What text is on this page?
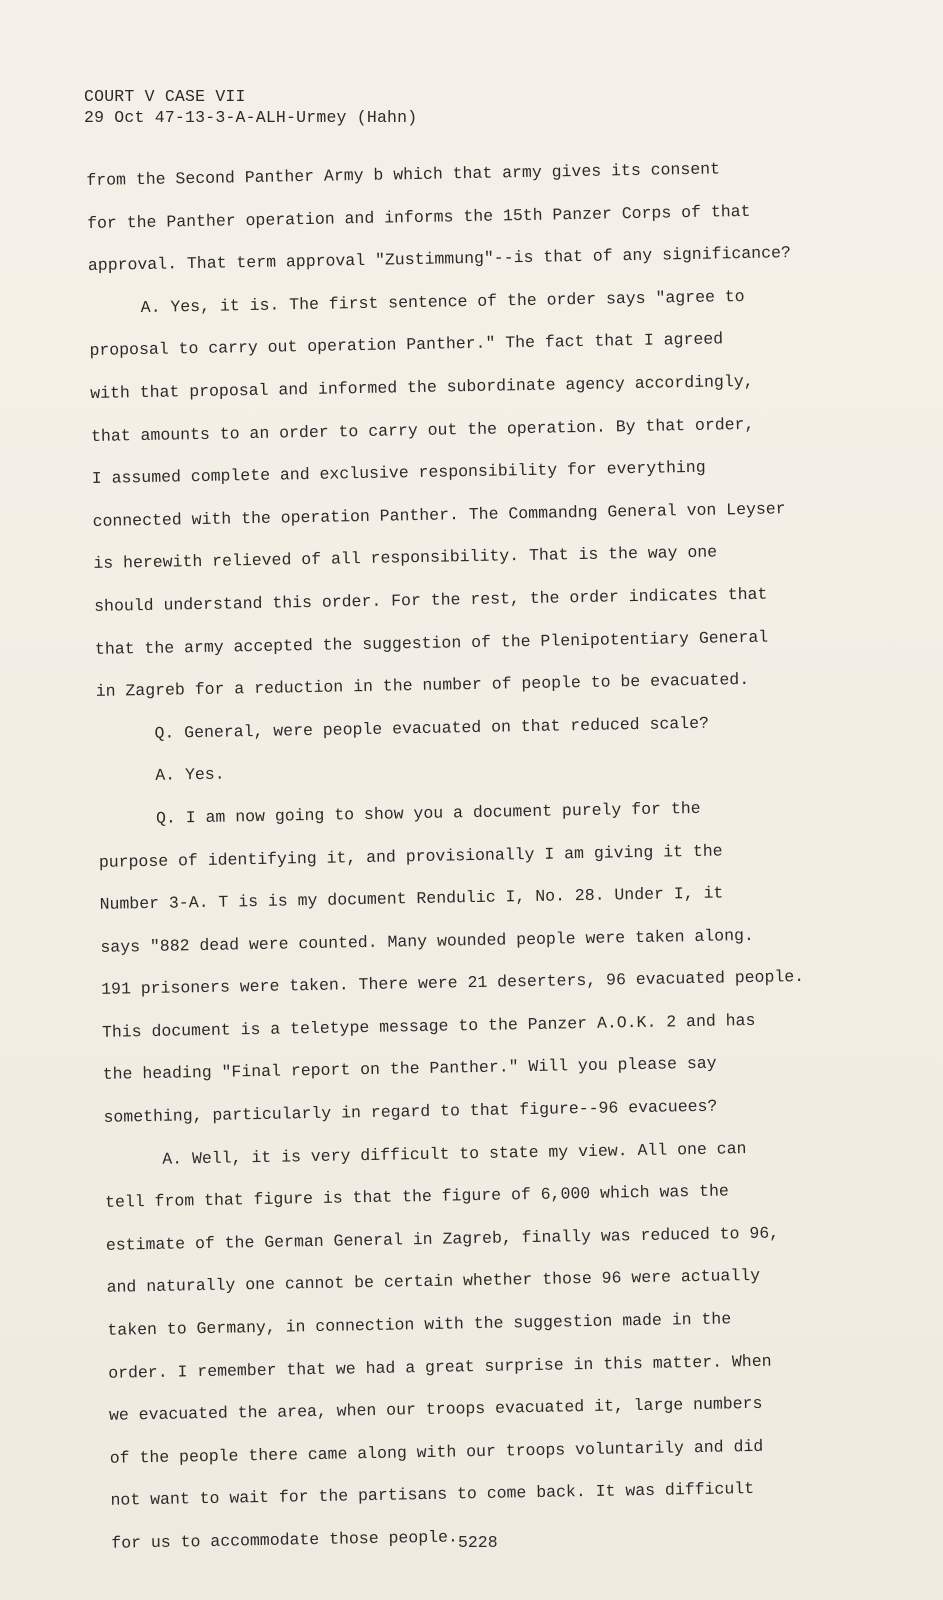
COURT V CASE VII
29 Oct 47-13-3-A-ALH-Urmey (Hahn)
from the Second Panther Army b which that army gives its consent
for the Panther operation and informs the 15th Panzer Corps of that
approval. That term approval "Zustimmung"--is that of any significance?
A. Yes, it is. The first sentence of the order says "agree to
proposal to carry out operation Panther." The fact that I agreed
with that proposal and informed the subordinate agency accordingly,
that amounts to an order to carry out the operation. By that order,
I assumed complete and exclusive responsibility for everything
connected with the operation Panther. The Commandng General von Leyser
is herewith relieved of all responsibility. That is the way one
should understand this order. For the rest, the order indicates that
that the army accepted the suggestion of the Plenipotentiary General
in Zagreb for a reduction in the number of people to be evacuated.
Q. General, were people evacuated on that reduced scale?
A. Yes.
Q. I am now going to show you a document purely for the
purpose of identifying it, and provisionally I am giving it the
Number 3-A. T is is my document Rendulic I, No. 28. Under I, it
says "882 dead were counted. Many wounded people were taken along.
191 prisoners were taken. There were 21 deserters, 96 evacuated people.
This document is a teletype message to the Panzer A.O.K. 2 and has
the heading "Final report on the Panther." Will you please say
something, particularly in regard to that figure--96 evacuees?
A. Well, it is very difficult to state my view. All one can
tell from that figure is that the figure of 6,000 which was the
estimate of the German General in Zagreb, finally was reduced to 96,
and naturally one cannot be certain whether those 96 were actually
taken to Germany, in connection with the suggestion made in the
order. I remember that we had a great surprise in this matter. When
we evacuated the area, when our troops evacuated it, large numbers
of the people there came along with our troops voluntarily and did
not want to wait for the partisans to come back. It was difficult
for us to accommodate those people. 5228
